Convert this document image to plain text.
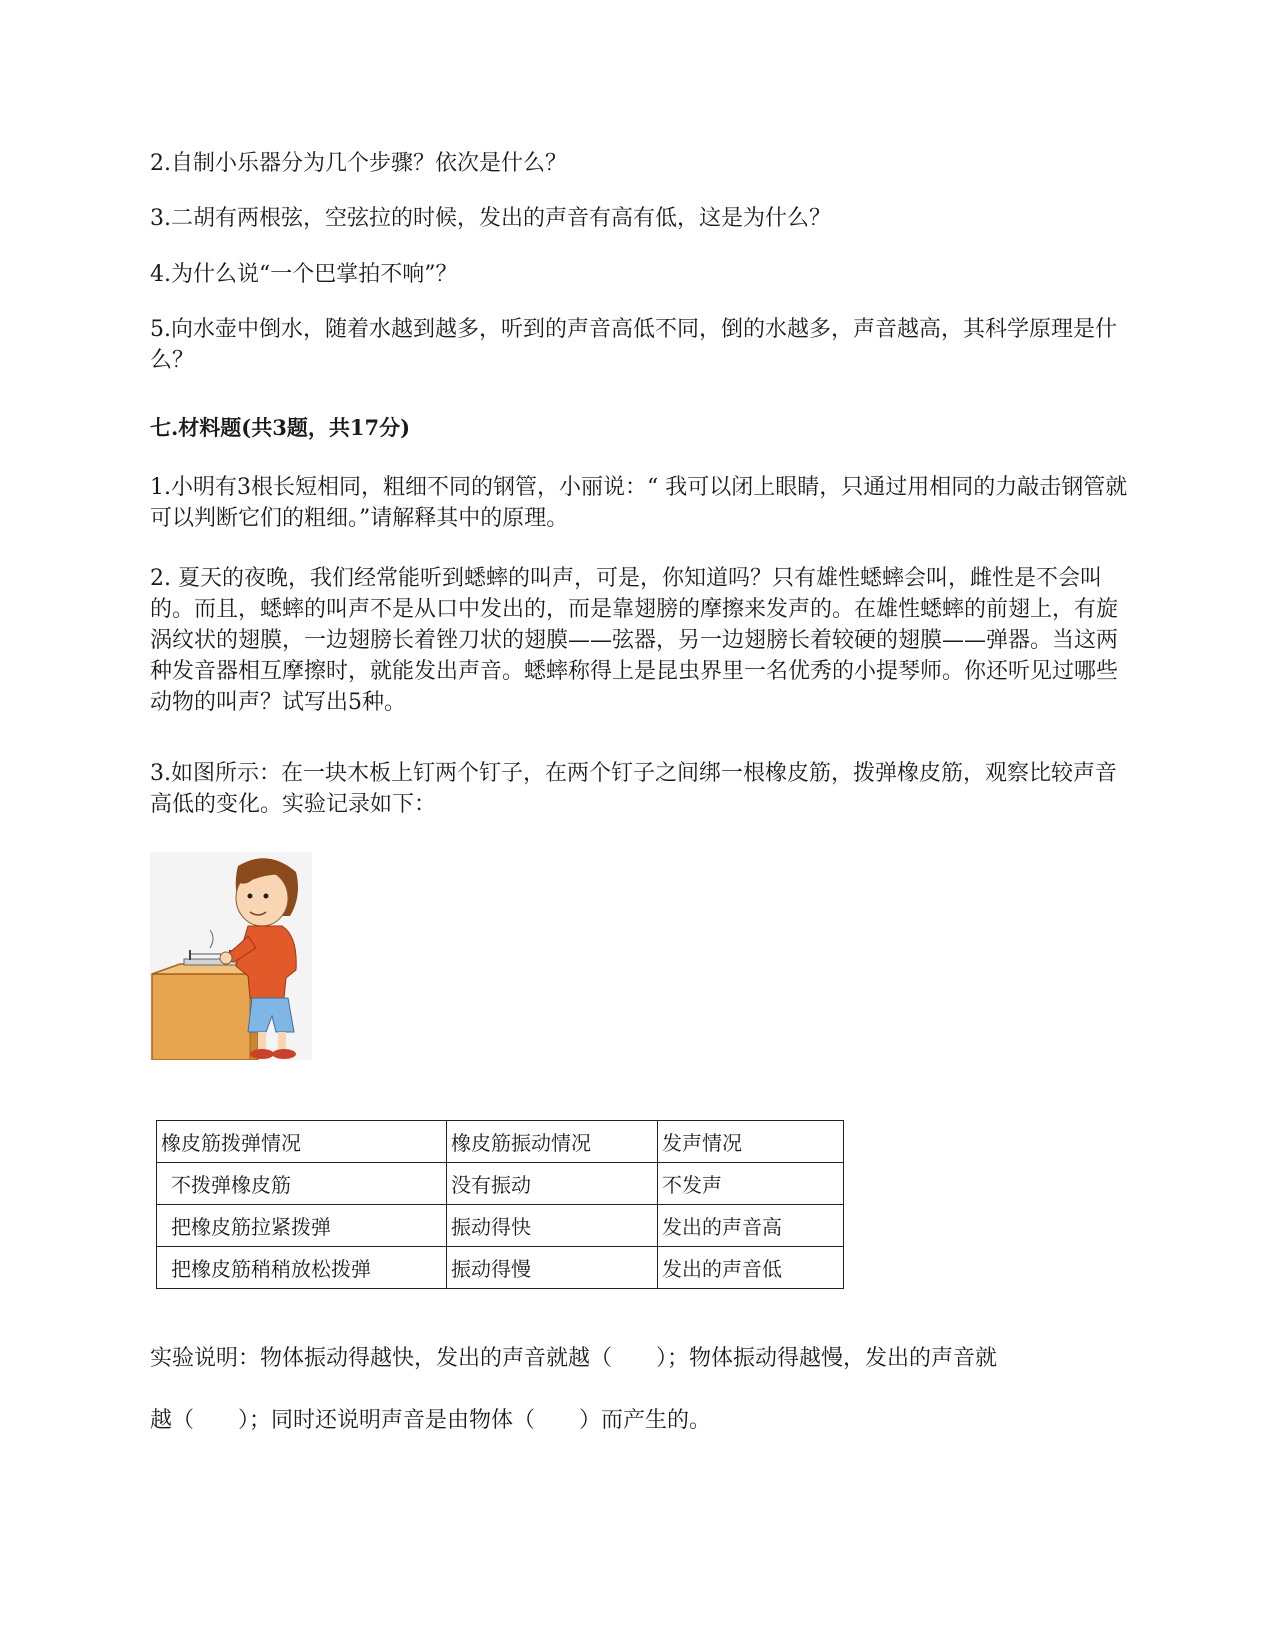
2.自制小乐器分为几个步骤？依次是什么？
3.二胡有两根弦，空弦拉的时候，发出的声音有高有低，这是为什么？
4.为什么说“一个巴掌拍不响”？
5.向水壶中倒水，随着水越到越多，听到的声音高低不同，倒的水越多，声音越高，其科学原理是什么？
七.材料题(共3题，共17分)
1.小明有3根长短相同，粗细不同的钢管，小丽说：“ 我可以闭上眼睛，只通过用相同的力敲击钢管就可以判断它们的粗细。”请解释其中的原理。
2. 夏天的夜晚，我们经常能听到蟋蟀的叫声，可是，你知道吗？只有雄性蟋蟀会叫，雌性是不会叫的。而且，蟋蟀的叫声不是从口中发出的，而是靠翅膀的摩擦来发声的。在雄性蟋蟀的前翅上，有旋涡纹状的翅膜，一边翅膀长着锉刀状的翅膜——弦器，另一边翅膀长着较硬的翅膜——弹器。当这两种发音器相互摩擦时，就能发出声音。蟋蟀称得上是昆虫界里一名优秀的小提琴师。你还听见过哪些动物的叫声？试写出5种。
3.如图所示：在一块木板上钉两个钉子，在两个钉子之间绑一根橡皮筋，拨弹橡皮筋，观察比较声音高低的变化。实验记录如下：
橡皮筋拨弹情况	橡皮筋振动情况	发声情况
不拨弹橡皮筋	没有振动	不发声
把橡皮筋拉紧拨弹	振动得快	发出的声音高
把橡皮筋稍稍放松拨弹	振动得慢	发出的声音低
实验说明：物体振动得越快，发出的声音就越（　　）；物体振动得越慢，发出的声音就
越（　　）；同时还说明声音是由物体（　　）而产生的。
